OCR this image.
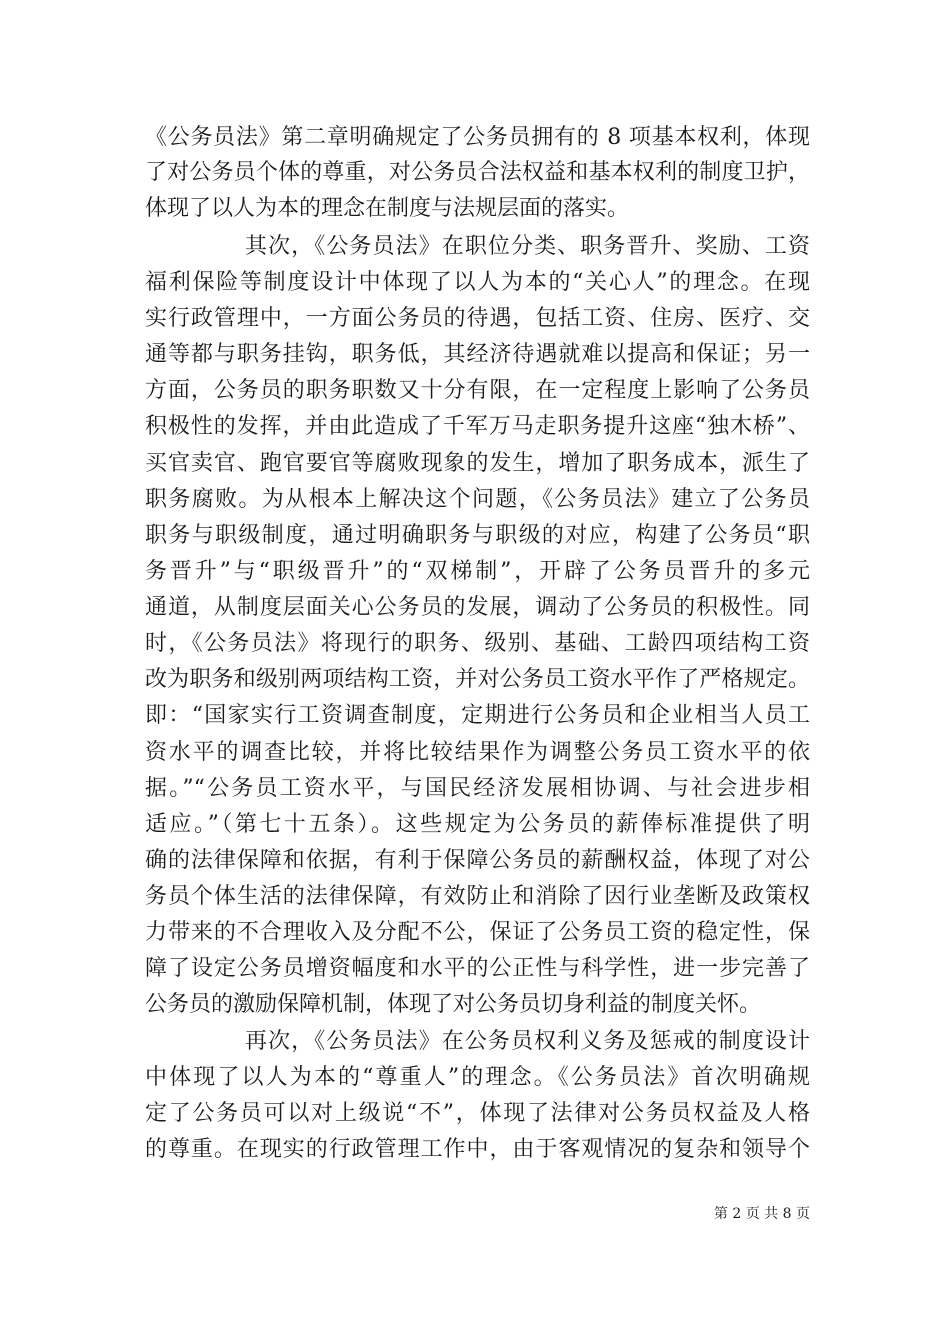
《公务员法》第二章明确规定了公务员拥有的 8 项基本权利，体现
了对公务员个体的尊重，对公务员合法权益和基本权利的制度卫护，
体现了以人为本的理念在制度与法规层面的落实。
其次，《公务员法》在职位分类、职务晋升、奖励、工资
福利保险等制度设计中体现了以人为本的“关心人”的理念。在现
实行政管理中，一方面公务员的待遇，包括工资、住房、医疗、交
通等都与职务挂钩，职务低，其经济待遇就难以提高和保证；另一
方面，公务员的职务职数又十分有限，在一定程度上影响了公务员
积极性的发挥，并由此造成了千军万马走职务提升这座“独木桥”、
买官卖官、跑官要官等腐败现象的发生，增加了职务成本，派生了
职务腐败。为从根本上解决这个问题，《公务员法》建立了公务员
职务与职级制度，通过明确职务与职级的对应，构建了公务员“职
务晋升”与“职级晋升”的“双梯制”，开辟了公务员晋升的多元
通道，从制度层面关心公务员的发展，调动了公务员的积极性。同
时，《公务员法》将现行的职务、级别、基础、工龄四项结构工资
改为职务和级别两项结构工资，并对公务员工资水平作了严格规定。
即：“国家实行工资调查制度，定期进行公务员和企业相当人员工
资水平的调查比较，并将比较结果作为调整公务员工资水平的依
据。”“公务员工资水平，与国民经济发展相协调、与社会进步相
适应。”（第七十五条）。这些规定为公务员的薪俸标准提供了明
确的法律保障和依据，有利于保障公务员的薪酬权益，体现了对公
务员个体生活的法律保障，有效防止和消除了因行业垄断及政策权
力带来的不合理收入及分配不公，保证了公务员工资的稳定性，保
障了设定公务员增资幅度和水平的公正性与科学性，进一步完善了
公务员的激励保障机制，体现了对公务员切身利益的制度关怀。
再次，《公务员法》在公务员权利义务及惩戒的制度设计
中体现了以人为本的“尊重人”的理念。《公务员法》首次明确规
定了公务员可以对上级说“不”，体现了法律对公务员权益及人格
的尊重。在现实的行政管理工作中，由于客观情况的复杂和领导个
第 2 页 共 8 页
